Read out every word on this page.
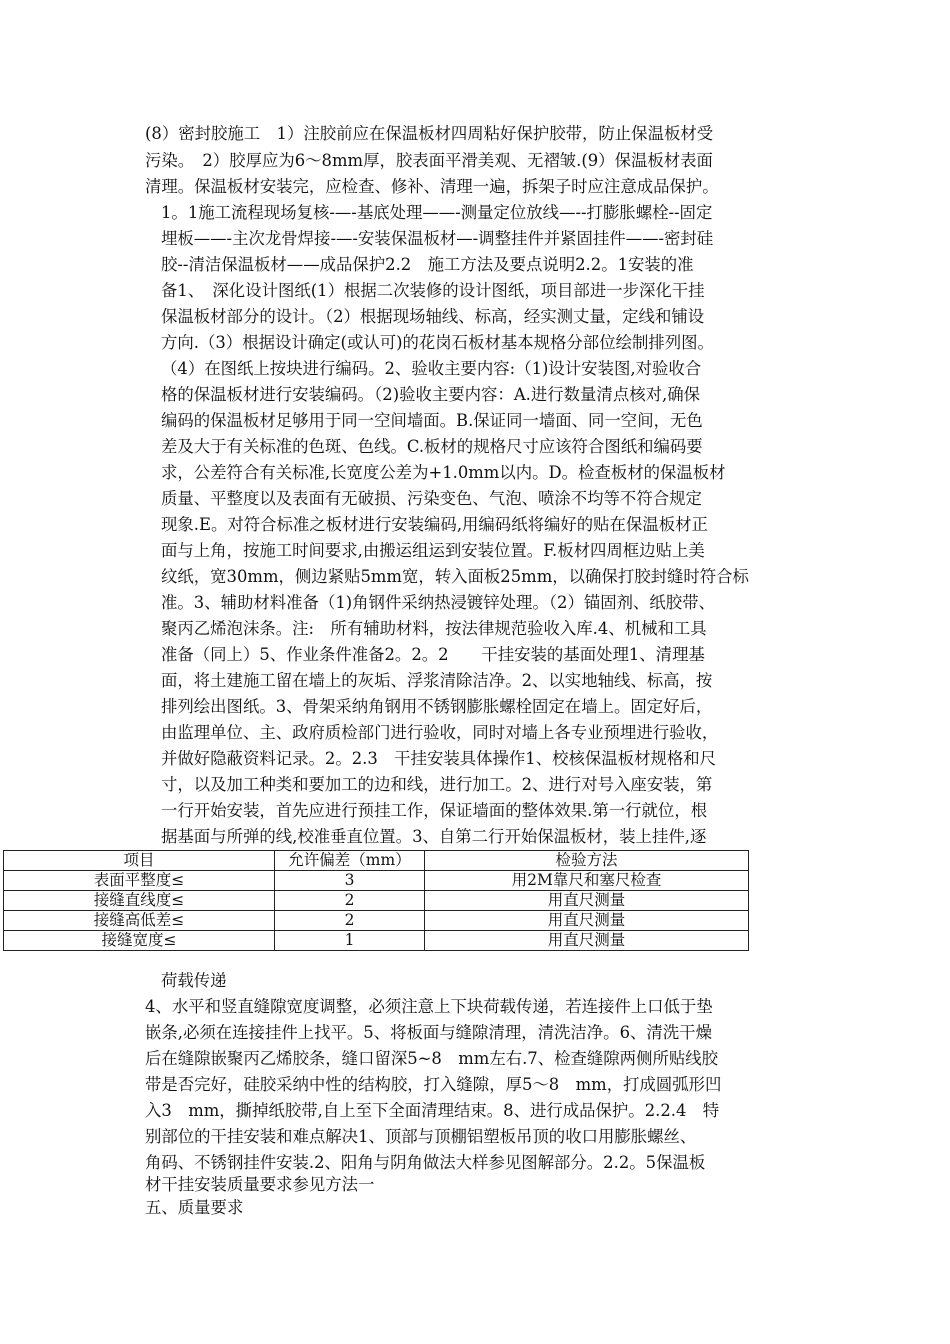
(8）密封胶施工　1）注胶前应在保温板材四周粘好保护胶带，防止保温板材受
污染。　2）胶厚应为6～8mm厚，胶表面平滑美观、无褶皱.(9）保温板材表面
清理。保温板材安装完，应检查、修补、清理一遍，拆架子时应注意成品保护。
1。1施工流程现场复核-—-基底处理——-测量定位放线—--打膨胀螺栓--固定
埋板——-主次龙骨焊接-—-安装保温板材—-调整挂件并紧固挂件——-密封硅
胶--清洁保温板材——成品保护2.2　施工方法及要点说明2.2。1安装的准
备1、　深化设计图纸(1）根据二次装修的设计图纸，项目部进一步深化干挂
保温板材部分的设计。（2）根据现场轴线、标高，经实测丈量，定线和铺设
方向.（3）根据设计确定(或认可)的花岗石板材基本规格分部位绘制排列图。
（4）在图纸上按块进行编码。2、验收主要内容:（1)设计安装图,对验收合
格的保温板材进行安装编码。（2)验收主要内容：A.进行数量清点核对,确保
编码的保温板材足够用于同一空间墙面。B.保证同一墙面、同一空间，无色
差及大于有关标准的色斑、色线。C.板材的规格尺寸应该符合图纸和编码要
求，公差符合有关标准,长宽度公差为+1.0mm以内。D。检查板材的保温板材
质量、平整度以及表面有无破损、污染变色、气泡、喷涂不均等不符合规定
现象.E。对符合标准之板材进行安装编码,用编码纸将编好的贴在保温板材正
面与上角，按施工时间要求,由搬运组运到安装位置。F.板材四周框边贴上美
纹纸，宽30mm，侧边紧贴5mm宽，转入面板25mm，以确保打胶封缝时符合标
准。3、辅助材料准备（1)角钢件采纳热浸镀锌处理。（2）锚固剂、纸胶带、
聚丙乙烯泡沫条。注:　所有辅助材料，按法律规范验收入库.4、机械和工具
准备（同上）5、作业条件准备2。2。2　　干挂安装的基面处理1、清理基
面，将土建施工留在墙上的灰垢、浮浆清除洁净。2、以实地轴线、标高，按
排列绘出图纸。3、骨架采纳角钢用不锈钢膨胀螺栓固定在墙上。固定好后，
由监理单位、主、政府质检部门进行验收，同时对墙上各专业预埋进行验收，
并做好隐蔽资料记录。2。2.3　干挂安装具体操作1、校核保温板材规格和尺
寸，以及加工种类和要加工的边和线，进行加工。2、进行对号入座安装，第
一行开始安装，首先应进行预挂工作，保证墙面的整体效果.第一行就位，根
据基面与所弹的线,校准垂直位置。3、自第二行开始保温板材，装上挂件,逐
项目	允许偏差（mm）	检验方法
表面平整度≤	3	用2M靠尺和塞尺检查
接缝直线度≤	2	用直尺测量
接缝高低差≤	2	用直尺测量
接缝宽度≤	1	用直尺测量
荷载传递
4、水平和竖直缝隙宽度调整，必须注意上下块荷载传递，若连接件上口低于垫
嵌条,必须在连接挂件上找平。5、将板面与缝隙清理，清洗洁净。6、清洗干燥
后在缝隙嵌聚丙乙烯胶条，缝口留深5~8　mm左右.7、检查缝隙两侧所贴线胶
带是否完好，硅胶采纳中性的结构胶，打入缝隙，厚5～8　mm，打成圆弧形凹
入3　mm，撕掉纸胶带,自上至下全面清理结束。8、进行成品保护。2.2.4　特
别部位的干挂安装和难点解决1、顶部与顶棚铝塑板吊顶的收口用膨胀螺丝、
角码、不锈钢挂件安装.2、阳角与阴角做法大样参见图解部分。2.2。5保温板
材干挂安装质量要求参见方法一
五、质量要求
